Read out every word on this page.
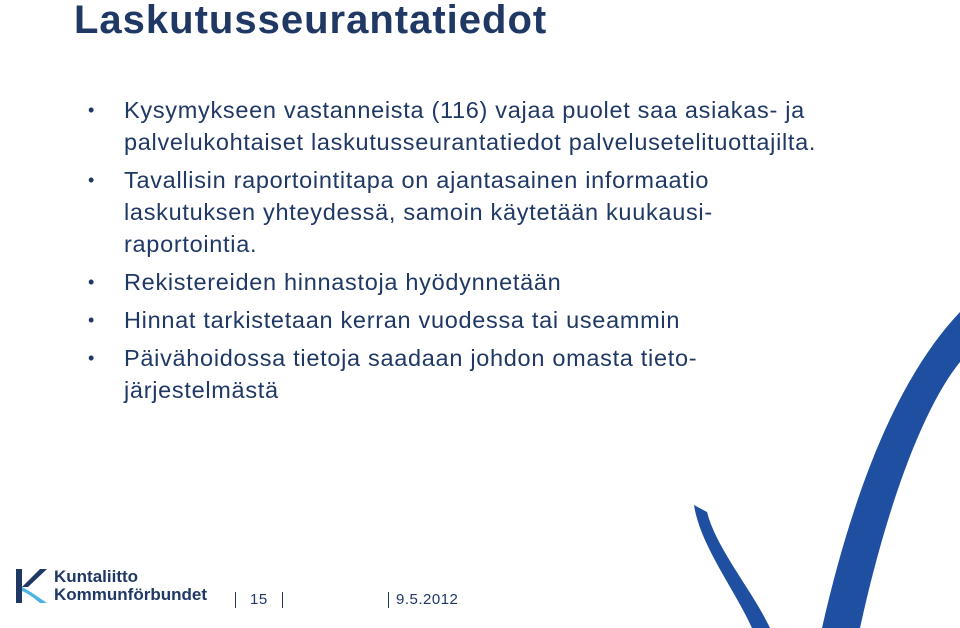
Laskutusseurantatiedot
• Kysymykseen vastanneista (116) vajaa puolet saa asiakas- ja palvelukohtaiset laskutusseurantatiedot palvelusetelituottajilta.
• Tavallisin raportointitapa on ajantasainen informaatio laskutuksen yhteydessä, samoin käytetään kuukausi-raportointia.
• Rekistereiden hinnastoja hyödynnetään
• Hinnat tarkistetaan kerran vuodessa tai useammin
• Päivähoidossa tietoja saadaan johdon omasta tieto-järjestelmästä
Kuntaliitto
Kommunförbundet	15	9.5.2012
